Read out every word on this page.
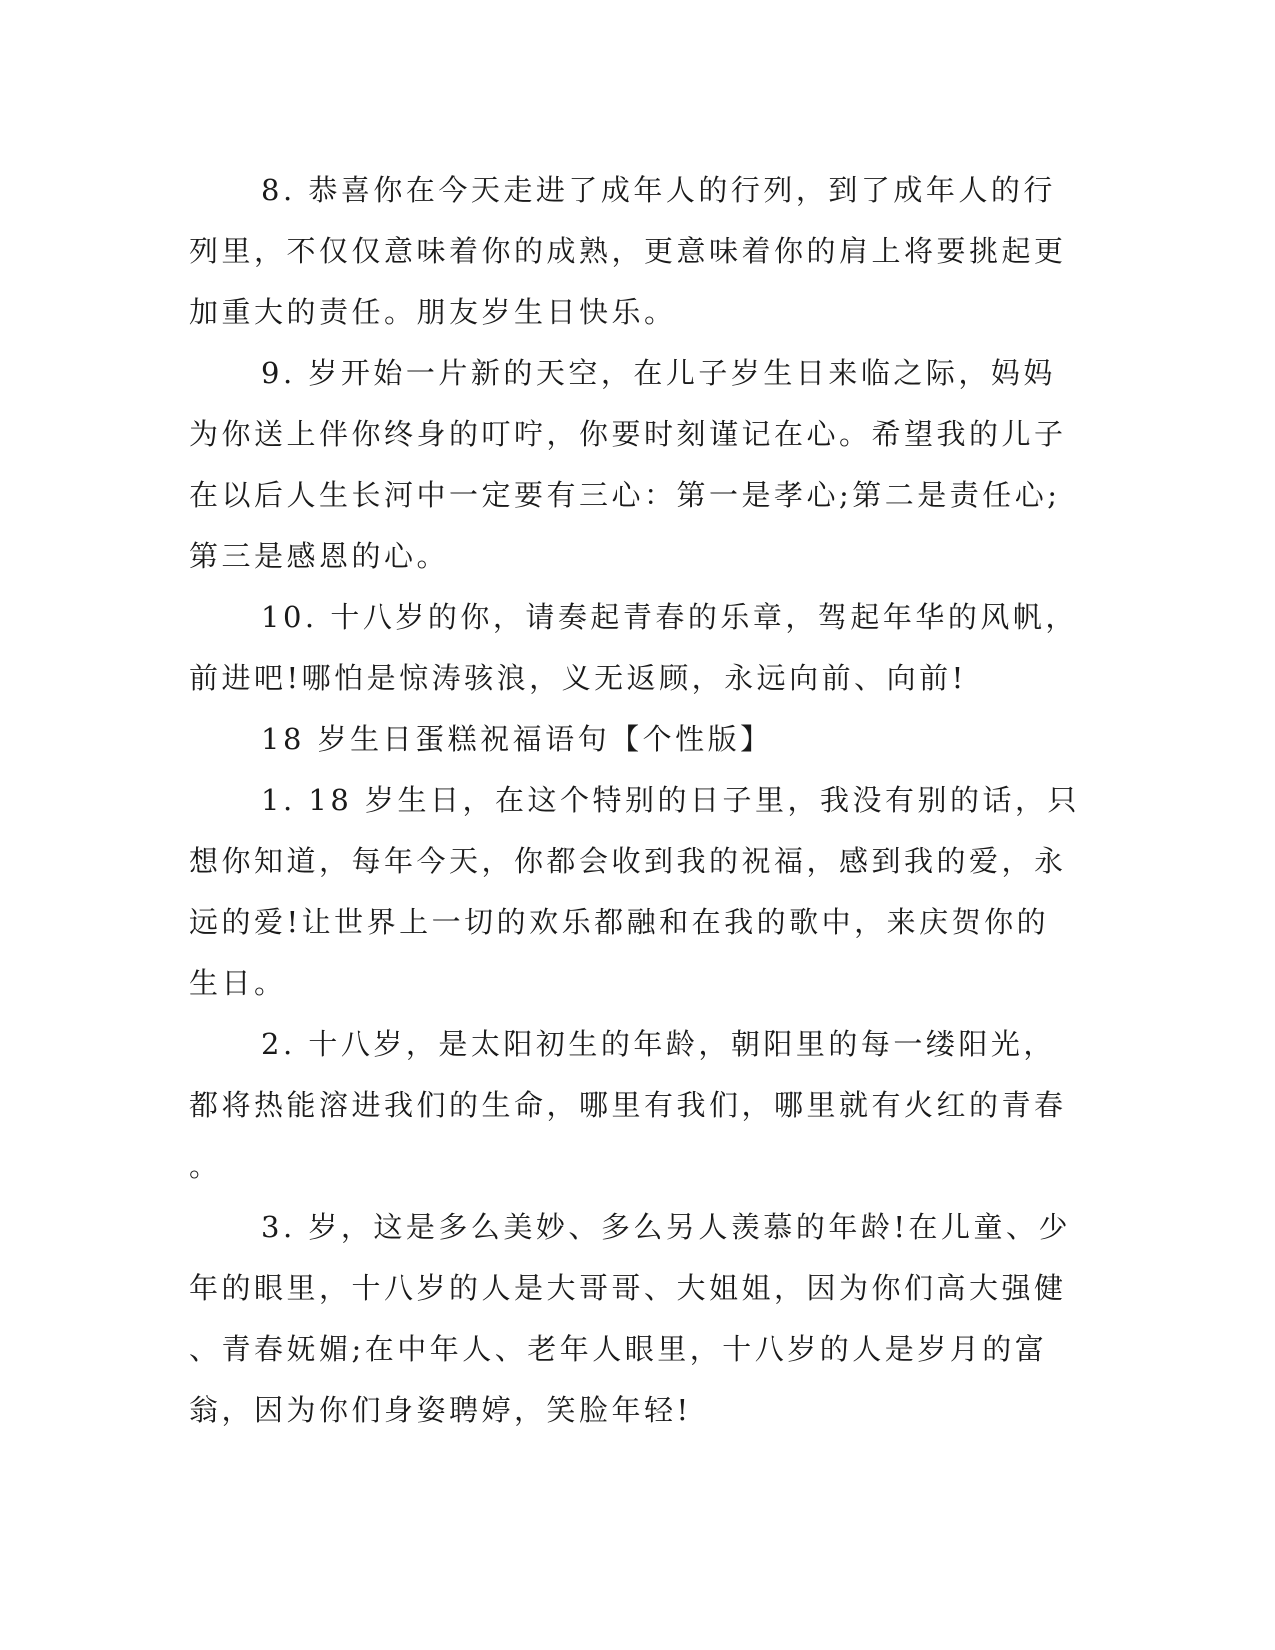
8. 恭喜你在今天走进了成年人的行列，到了成年人的行
列里，不仅仅意味着你的成熟，更意味着你的肩上将要挑起更
加重大的责任。朋友岁生日快乐。
9. 岁开始一片新的天空，在儿子岁生日来临之际，妈妈
为你送上伴你终身的叮咛，你要时刻谨记在心。希望我的儿子
在以后人生长河中一定要有三心：第一是孝心;第二是责任心;
第三是感恩的心。
10. 十八岁的你，请奏起青春的乐章，驾起年华的风帆，
前进吧!哪怕是惊涛骇浪，义无返顾，永远向前、向前!
18 岁生日蛋糕祝福语句【个性版】
1. 18 岁生日，在这个特别的日子里，我没有别的话，只
想你知道，每年今天，你都会收到我的祝福，感到我的爱，永
远的爱!让世界上一切的欢乐都融和在我的歌中，来庆贺你的
生日。
2. 十八岁，是太阳初生的年龄，朝阳里的每一缕阳光，
都将热能溶进我们的生命，哪里有我们，哪里就有火红的青春
。
3. 岁，这是多么美妙、多么另人羡慕的年龄!在儿童、少
年的眼里，十八岁的人是大哥哥、大姐姐，因为你们高大强健
、青春妩媚;在中年人、老年人眼里，十八岁的人是岁月的富
翁，因为你们身姿聘婷，笑脸年轻!
